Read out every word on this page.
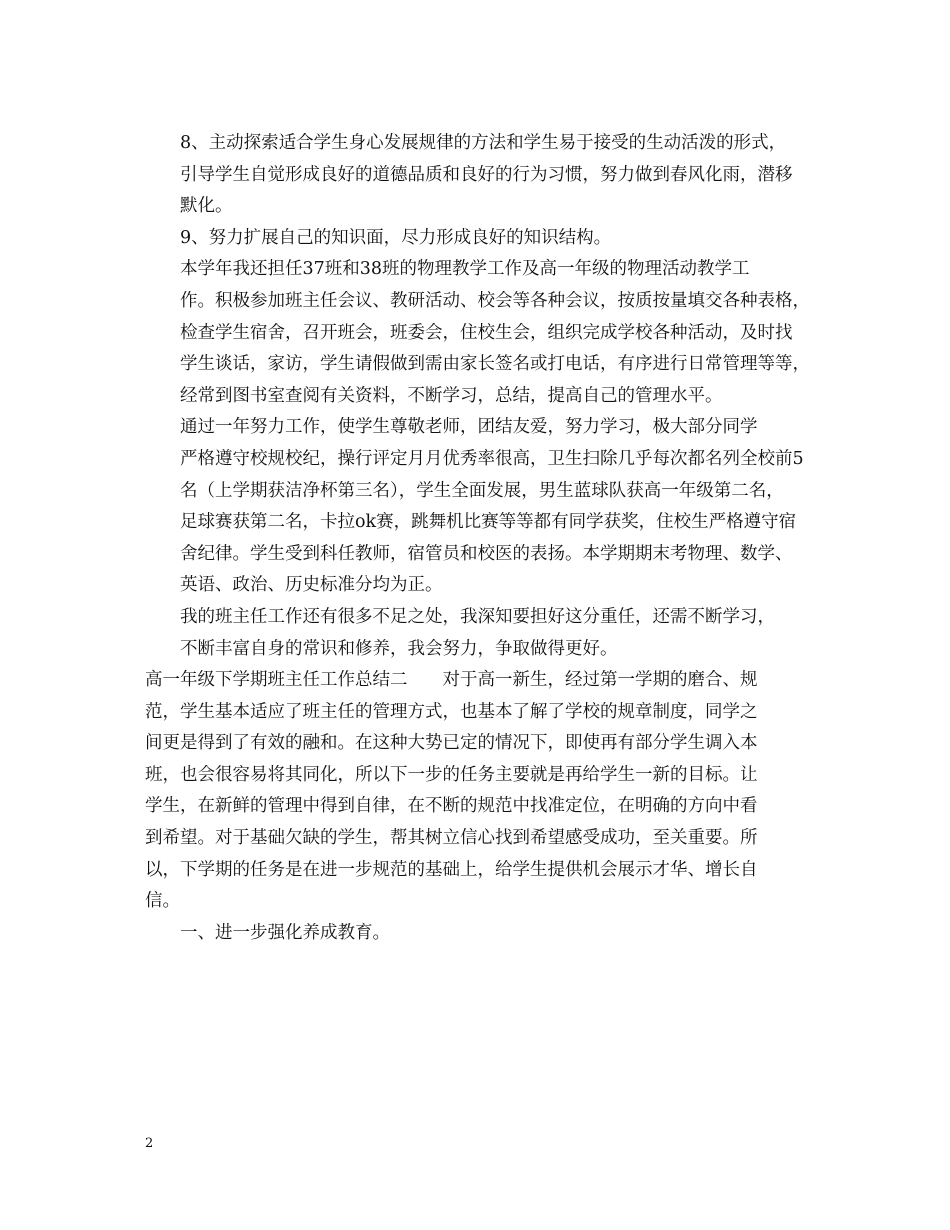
8、主动探索适合学生身心发展规律的方法和学生易于接受的生动活泼的形式，
引导学生自觉形成良好的道德品质和良好的行为习惯，努力做到春风化雨，潜移
默化。

9、努力扩展自己的知识面，尽力形成良好的知识结构。

本学年我还担任37班和38班的物理教学工作及高一年级的物理活动教学工
作。积极参加班主任会议、教研活动、校会等各种会议，按质按量填交各种表格，
检查学生宿舍，召开班会，班委会，住校生会，组织完成学校各种活动，及时找
学生谈话，家访，学生请假做到需由家长签名或打电话，有序进行日常管理等等，
经常到图书室查阅有关资料，不断学习，总结，提高自己的管理水平。

通过一年努力工作，使学生尊敬老师，团结友爱，努力学习，极大部分同学
严格遵守校规校纪，操行评定月月优秀率很高，卫生扫除几乎每次都名列全校前5
名（上学期获洁净杯第三名），学生全面发展，男生蓝球队获高一年级第二名，
足球赛获第二名，卡拉ok赛，跳舞机比赛等等都有同学获奖，住校生严格遵守宿
舍纪律。学生受到科任教师，宿管员和校医的表扬。本学期期末考物理、数学、
英语、政治、历史标准分均为正。

我的班主任工作还有很多不足之处，我深知要担好这分重任，还需不断学习，
不断丰富自身的常识和修养，我会努力，争取做得更好。

高一年级下学期班主任工作总结二　　对于高一新生，经过第一学期的磨合、规
范，学生基本适应了班主任的管理方式，也基本了解了学校的规章制度，同学之
间更是得到了有效的融和。在这种大势已定的情况下，即使再有部分学生调入本
班，也会很容易将其同化，所以下一步的任务主要就是再给学生一新的目标。让
学生，在新鲜的管理中得到自律，在不断的规范中找准定位，在明确的方向中看
到希望。对于基础欠缺的学生，帮其树立信心找到希望感受成功，至关重要。所
以，下学期的任务是在进一步规范的基础上，给学生提供机会展示才华、增长自
信。

一、进一步强化养成教育。

2
